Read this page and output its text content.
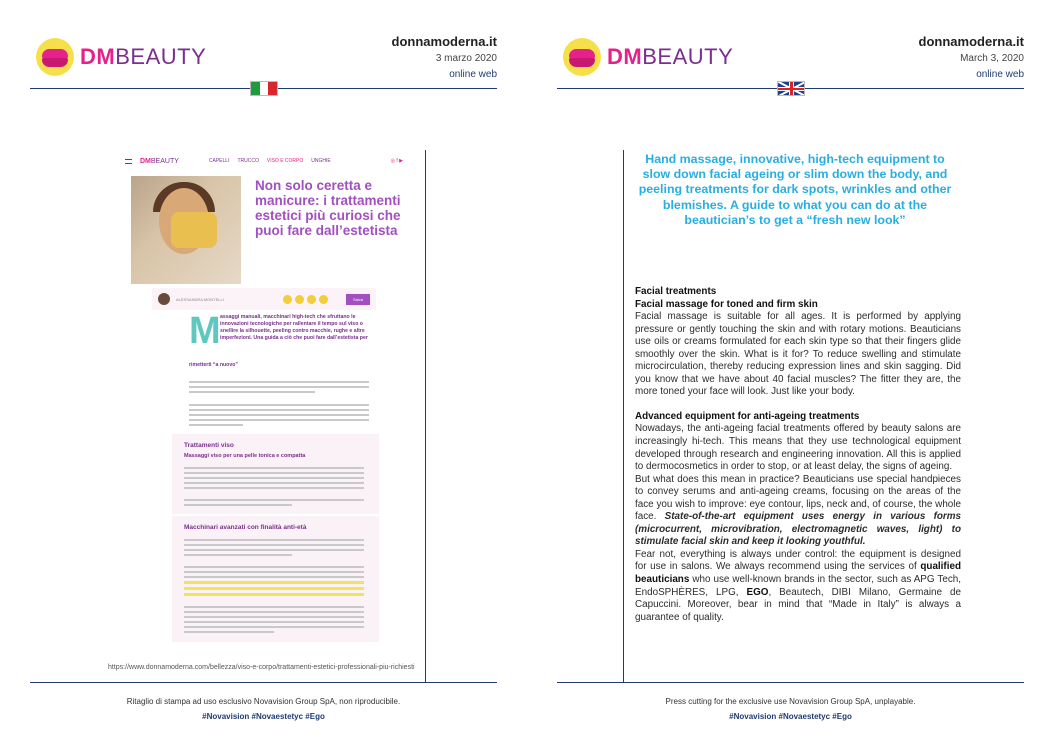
DMBEAUTY
donnamoderna.it
3 marzo 2020
online web
DMBEAUTY	CAPELLI TRUCCO VISO E CORPO UNGHIE	◎ f ▶
Non solo ceretta e manicure: i trattamenti estetici più curiosi che puoi fare dall’estetista
ALESSANDRA MONTELLI	Salva
M assaggi manuali, macchinari high-tech che sfruttano le innovazioni tecnologiche per rallentare il tempo sul viso o snellire la silhouette, peeling contro macchie, rughe e altre imperfezioni. Una guida a ciò che puoi fare dall’estetista per
rimetterti “a nuovo”
Trattamenti viso
Massaggi viso per una pelle tonica e compatta
Macchinari avanzati con finalità anti-età
https://www.donnamoderna.com/bellezza/viso-e-corpo/trattamenti-estetici-professionali-piu-richiesti
Ritaglio di stampa ad uso esclusivo Novavision Group SpA, non riproducibile.
#Novavision #Novaestetyc #Ego
DMBEAUTY
donnamoderna.it
March 3, 2020
online web
Hand massage, innovative, high-tech equipment to slow down facial ageing or slim down the body, and peeling treatments for dark spots, wrinkles and other blemishes. A guide to what you can do at the beautician’s to get a “fresh new look”
Facial treatments
Facial massage for toned and firm skin

Facial massage is suitable for all ages. It is performed by applying pressure or gently touching the skin and with rotary motions. Beauticians use oils or creams formulated for each skin type so that their fingers glide smoothly over the skin. What is it for? To reduce swelling and stimulate microcirculation, thereby reducing expression lines and skin sagging. Did you know that we have about 40 facial muscles? The fitter they are, the more toned your face will look. Just like your body.

Advanced equipment for anti-ageing treatments

Nowadays, the anti-ageing facial treatments offered by beauty salons are increasingly hi-tech. This means that they use technological equipment developed through research and engineering innovation. All this is applied to dermocosmetics in order to stop, or at least delay, the signs of ageing.

But what does this mean in practice? Beauticians use special handpieces to convey serums and anti-ageing creams, focusing on the areas of the face you wish to improve: eye contour, lips, neck and, of course, the whole face. State-of-the-art equipment uses energy in various forms (microcurrent, microvibration, electromagnetic waves, light) to stimulate facial skin and keep it looking youthful.

Fear not, everything is always under control: the equipment is designed for use in salons. We always recommend using the services of qualified beauticians who use well-known brands in the sector, such as APG Tech, EndoSPHÈRES, LPG, EGO, Beautech, DIBI Milano, Germaine de Capuccini. Moreover, bear in mind that “Made in Italy” is always a guarantee of quality.

Press cutting for the exclusive use Novavision Group SpA, unplayable.
#Novavision #Novaestetyc #Ego
